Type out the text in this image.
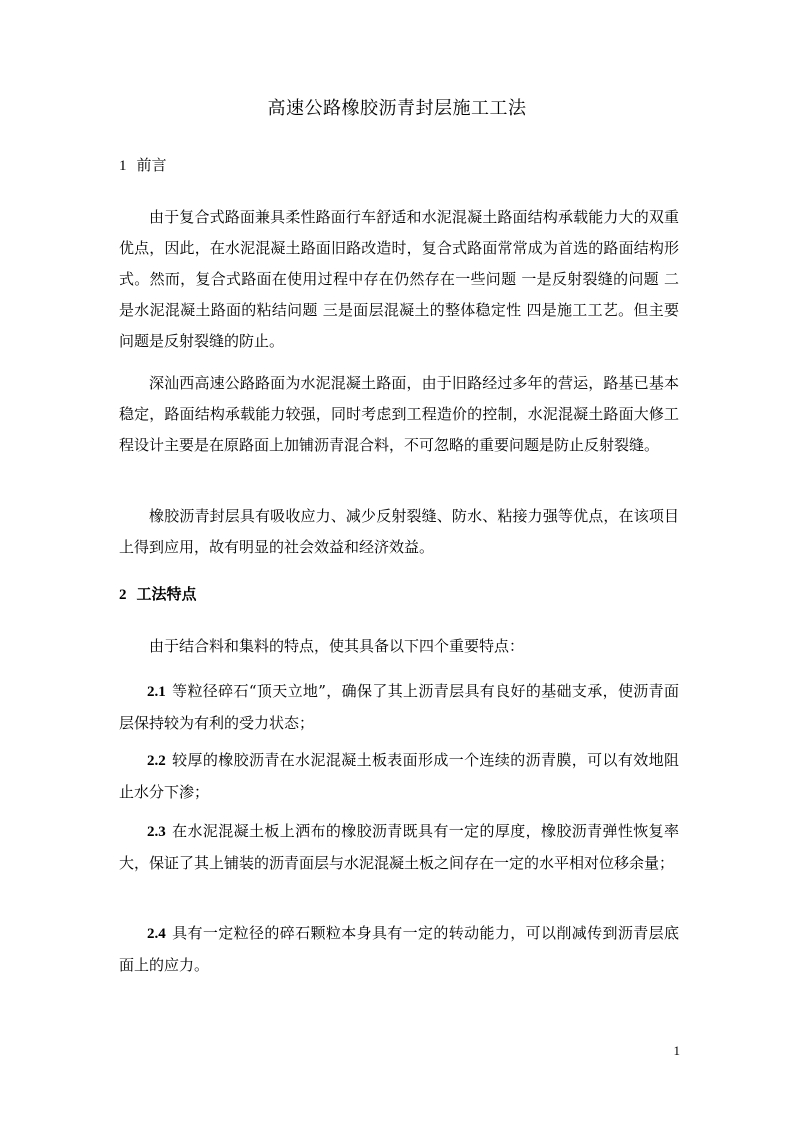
高速公路橡胶沥青封层施工工法
1 前言
由于复合式路面兼具柔性路面行车舒适和水泥混凝土路面结构承载能力大的双重优点，因此，在水泥混凝土路面旧路改造时，复合式路面常常成为首选的路面结构形式。然而，复合式路面在使用过程中存在仍然存在一些问题 一是反射裂缝的问题 二是水泥混凝土路面的粘结问题 三是面层混凝土的整体稳定性 四是施工工艺。但主要问题是反射裂缝的防止。
深汕西高速公路路面为水泥混凝土路面，由于旧路经过多年的营运，路基已基本稳定，路面结构承载能力较强，同时考虑到工程造价的控制，水泥混凝土路面大修工程设计主要是在原路面上加铺沥青混合料，不可忽略的重要问题是防止反射裂缝。
橡胶沥青封层具有吸收应力、减少反射裂缝、防水、粘接力强等优点，在该项目上得到应用，故有明显的社会效益和经济效益。
2 工法特点
由于结合料和集料的特点，使其具备以下四个重要特点：
2.1 等粒径碎石“顶天立地”，确保了其上沥青层具有良好的基础支承，使沥青面层保持较为有利的受力状态；
2.2 较厚的橡胶沥青在水泥混凝土板表面形成一个连续的沥青膜，可以有效地阻止水分下渗；
2.3 在水泥混凝土板上洒布的橡胶沥青既具有一定的厚度，橡胶沥青弹性恢复率大，保证了其上铺装的沥青面层与水泥混凝土板之间存在一定的水平相对位移余量；
2.4 具有一定粒径的碎石颗粒本身具有一定的转动能力，可以削减传到沥青层底面上的应力。
1
